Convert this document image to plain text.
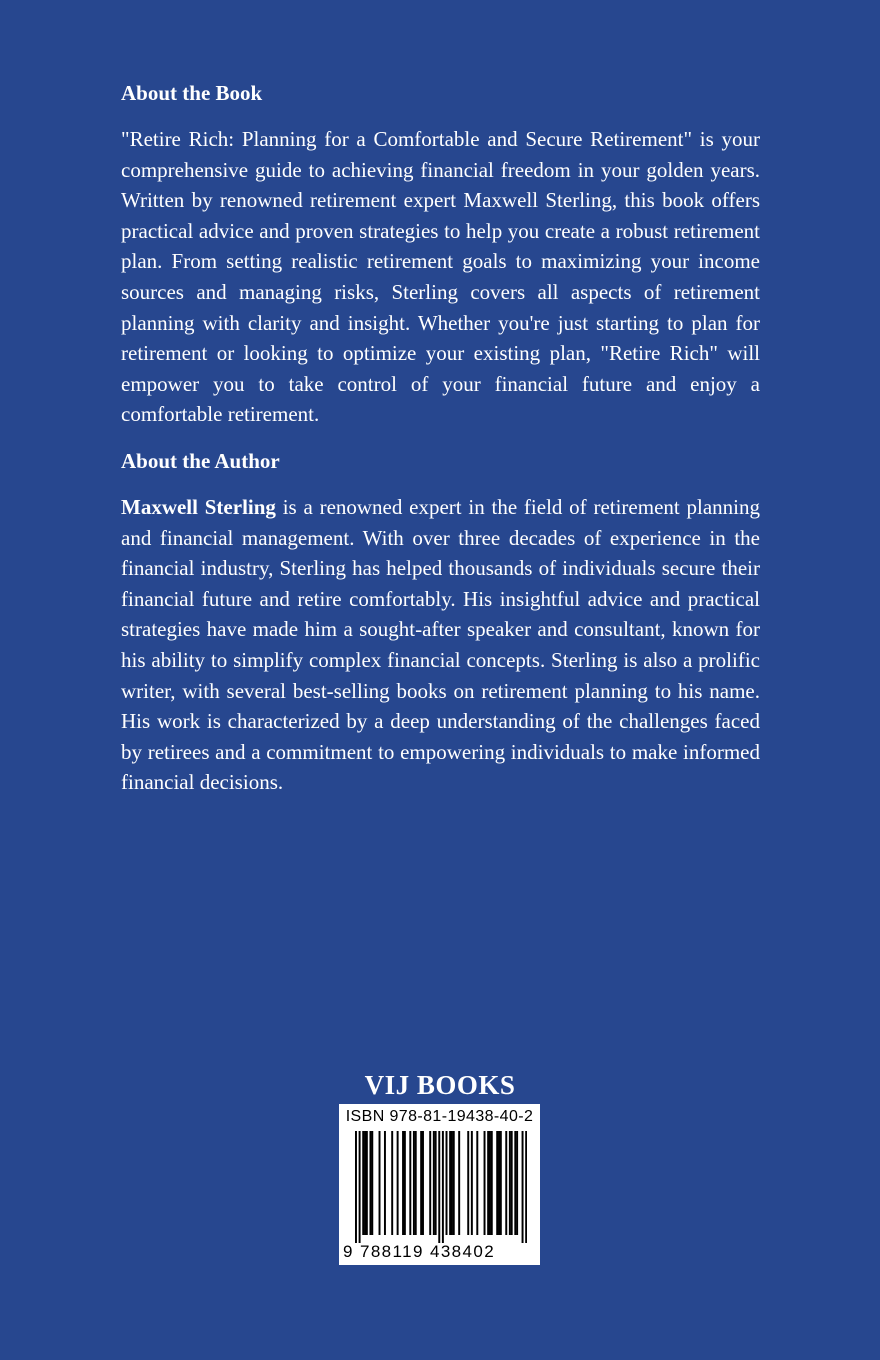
About the Book
"Retire Rich: Planning for a Comfortable and Secure Retirement" is your comprehensive guide to achieving financial freedom in your golden years. Written by renowned retirement expert Maxwell Sterling, this book offers practical advice and proven strategies to help you create a robust retirement plan. From setting realistic retirement goals to maximizing your income sources and managing risks, Sterling covers all aspects of retirement planning with clarity and insight. Whether you're just starting to plan for retirement or looking to optimize your existing plan, "Retire Rich" will empower you to take control of your financial future and enjoy a comfortable retirement.
About the Author
Maxwell Sterling is a renowned expert in the field of retirement planning and financial management. With over three decades of experience in the financial industry, Sterling has helped thousands of individuals secure their financial future and retire comfortably. His insightful advice and practical strategies have made him a sought-after speaker and consultant, known for his ability to simplify complex financial concepts. Sterling is also a prolific writer, with several best-selling books on retirement planning to his name. His work is characterized by a deep understanding of the challenges faced by retirees and a commitment to empowering individuals to make informed financial decisions.
VIJ BOOKS
ISBN 978-81-19438-40-2
9 788119 438402
